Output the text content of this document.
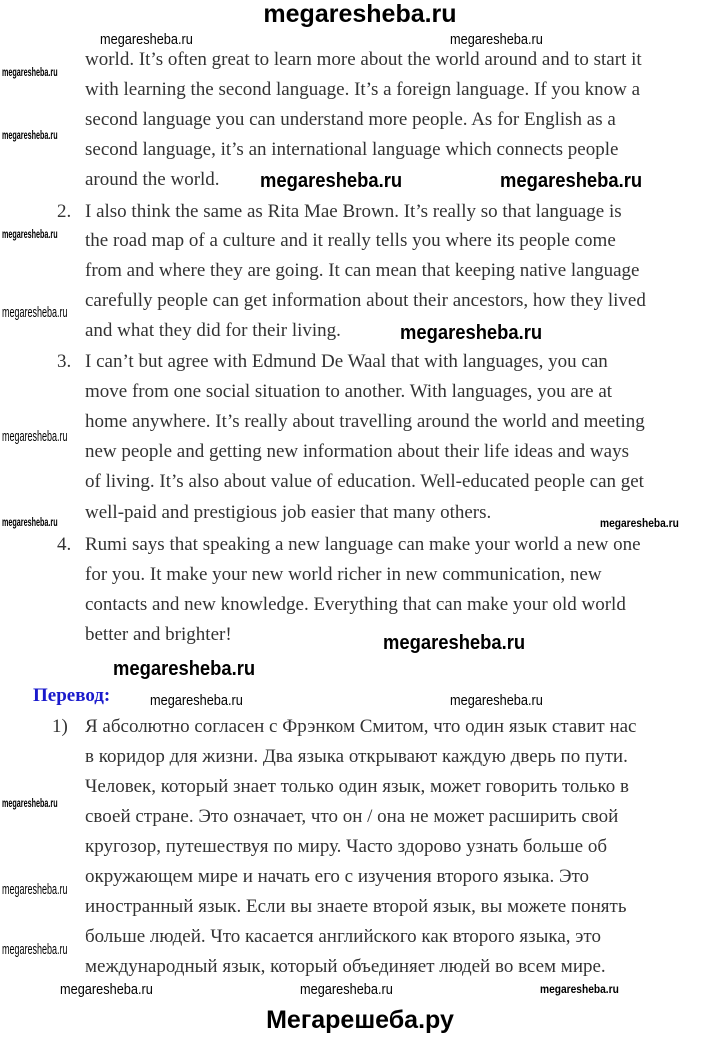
megaresheba.ru
world. It’s often great to learn more about the world around and to start it
with learning the second language. It’s a foreign language. If you know a
second language you can understand more people. As for English as a
second language, it’s an international language which connects people
around the world.
2. I also think the same as Rita Mae Brown. It’s really so that language is
the road map of a culture and it really tells you where its people come
from and where they are going. It can mean that keeping native language
carefully people can get information about their ancestors, how they lived
and what they did for their living.
3. I can’t but agree with Edmund De Waal that with languages, you can
move from one social situation to another. With languages, you are at
home anywhere. It’s really about travelling around the world and meeting
new people and getting new information about their life ideas and ways
of living. It’s also about value of education. Well-educated people can get
well-paid and prestigious job easier that many others.
4. Rumi says that speaking a new language can make your world a new one
for you. It make your new world richer in new communication, new
contacts and new knowledge. Everything that can make your old world
better and brighter!
Перевод:
1) Я абсолютно согласен с Фрэнком Смитом, что один язык ставит нас
в коридор для жизни. Два языка открывают каждую дверь по пути.
Человек, который знает только один язык, может говорить только в
своей стране. Это означает, что он / она не может расширить свой
кругозор, путешествуя по миру. Часто здорово узнать больше об
окружающем мире и начать его с изучения второго языка. Это
иностранный язык. Если вы знаете второй язык, вы можете понять
больше людей. Что касается английского как второго языка, это
международный язык, который объединяет людей во всем мире.
megaresheba.ru	megaresheba.ru
megaresheba.ru	megaresheba.ru
megaresheba.ru
megaresheba.ru
megaresheba.ru
megaresheba.ru
megaresheba.ru
megaresheba.ru
megaresheba.ru
megaresheba.ru
megaresheba.ru	megaresheba.ru
megaresheba.ru	megaresheba.ru
megaresheba.ru
megaresheba.ru
megaresheba.ru
megaresheba.ru	megaresheba.ru	megaresheba.ru
Мегарешеба.ру
